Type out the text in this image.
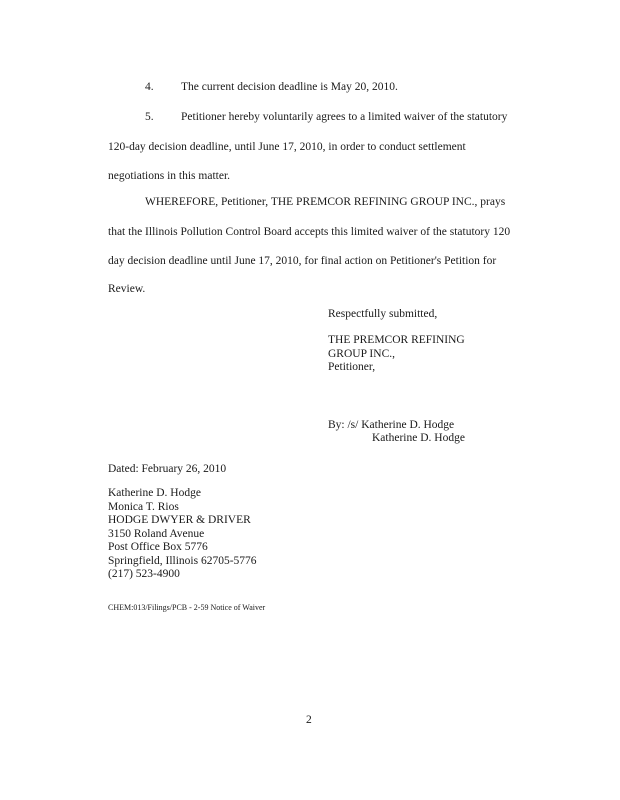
4. The current decision deadline is May 20, 2010.
5. Petitioner hereby voluntarily agrees to a limited waiver of the statutory
120-day decision deadline, until June 17, 2010, in order to conduct settlement
negotiations in this matter.
WHEREFORE, Petitioner, THE PREMCOR REFINING GROUP INC., prays
that the Illinois Pollution Control Board accepts this limited waiver of the statutory 120
day decision deadline until June 17, 2010, for final action on Petitioner's Petition for
Review.
Respectfully submitted,
THE PREMCOR REFINING
GROUP INC.,
Petitioner,
By: /s/ Katherine D. Hodge
Katherine D. Hodge
Dated: February 26, 2010
Katherine D. Hodge
Monica T. Rios
HODGE DWYER & DRIVER
3150 Roland Avenue
Post Office Box 5776
Springfield, Illinois 62705-5776
(217) 523-4900
CHEM:013/Filings/PCB - 2-59 Notice of Waiver
2
